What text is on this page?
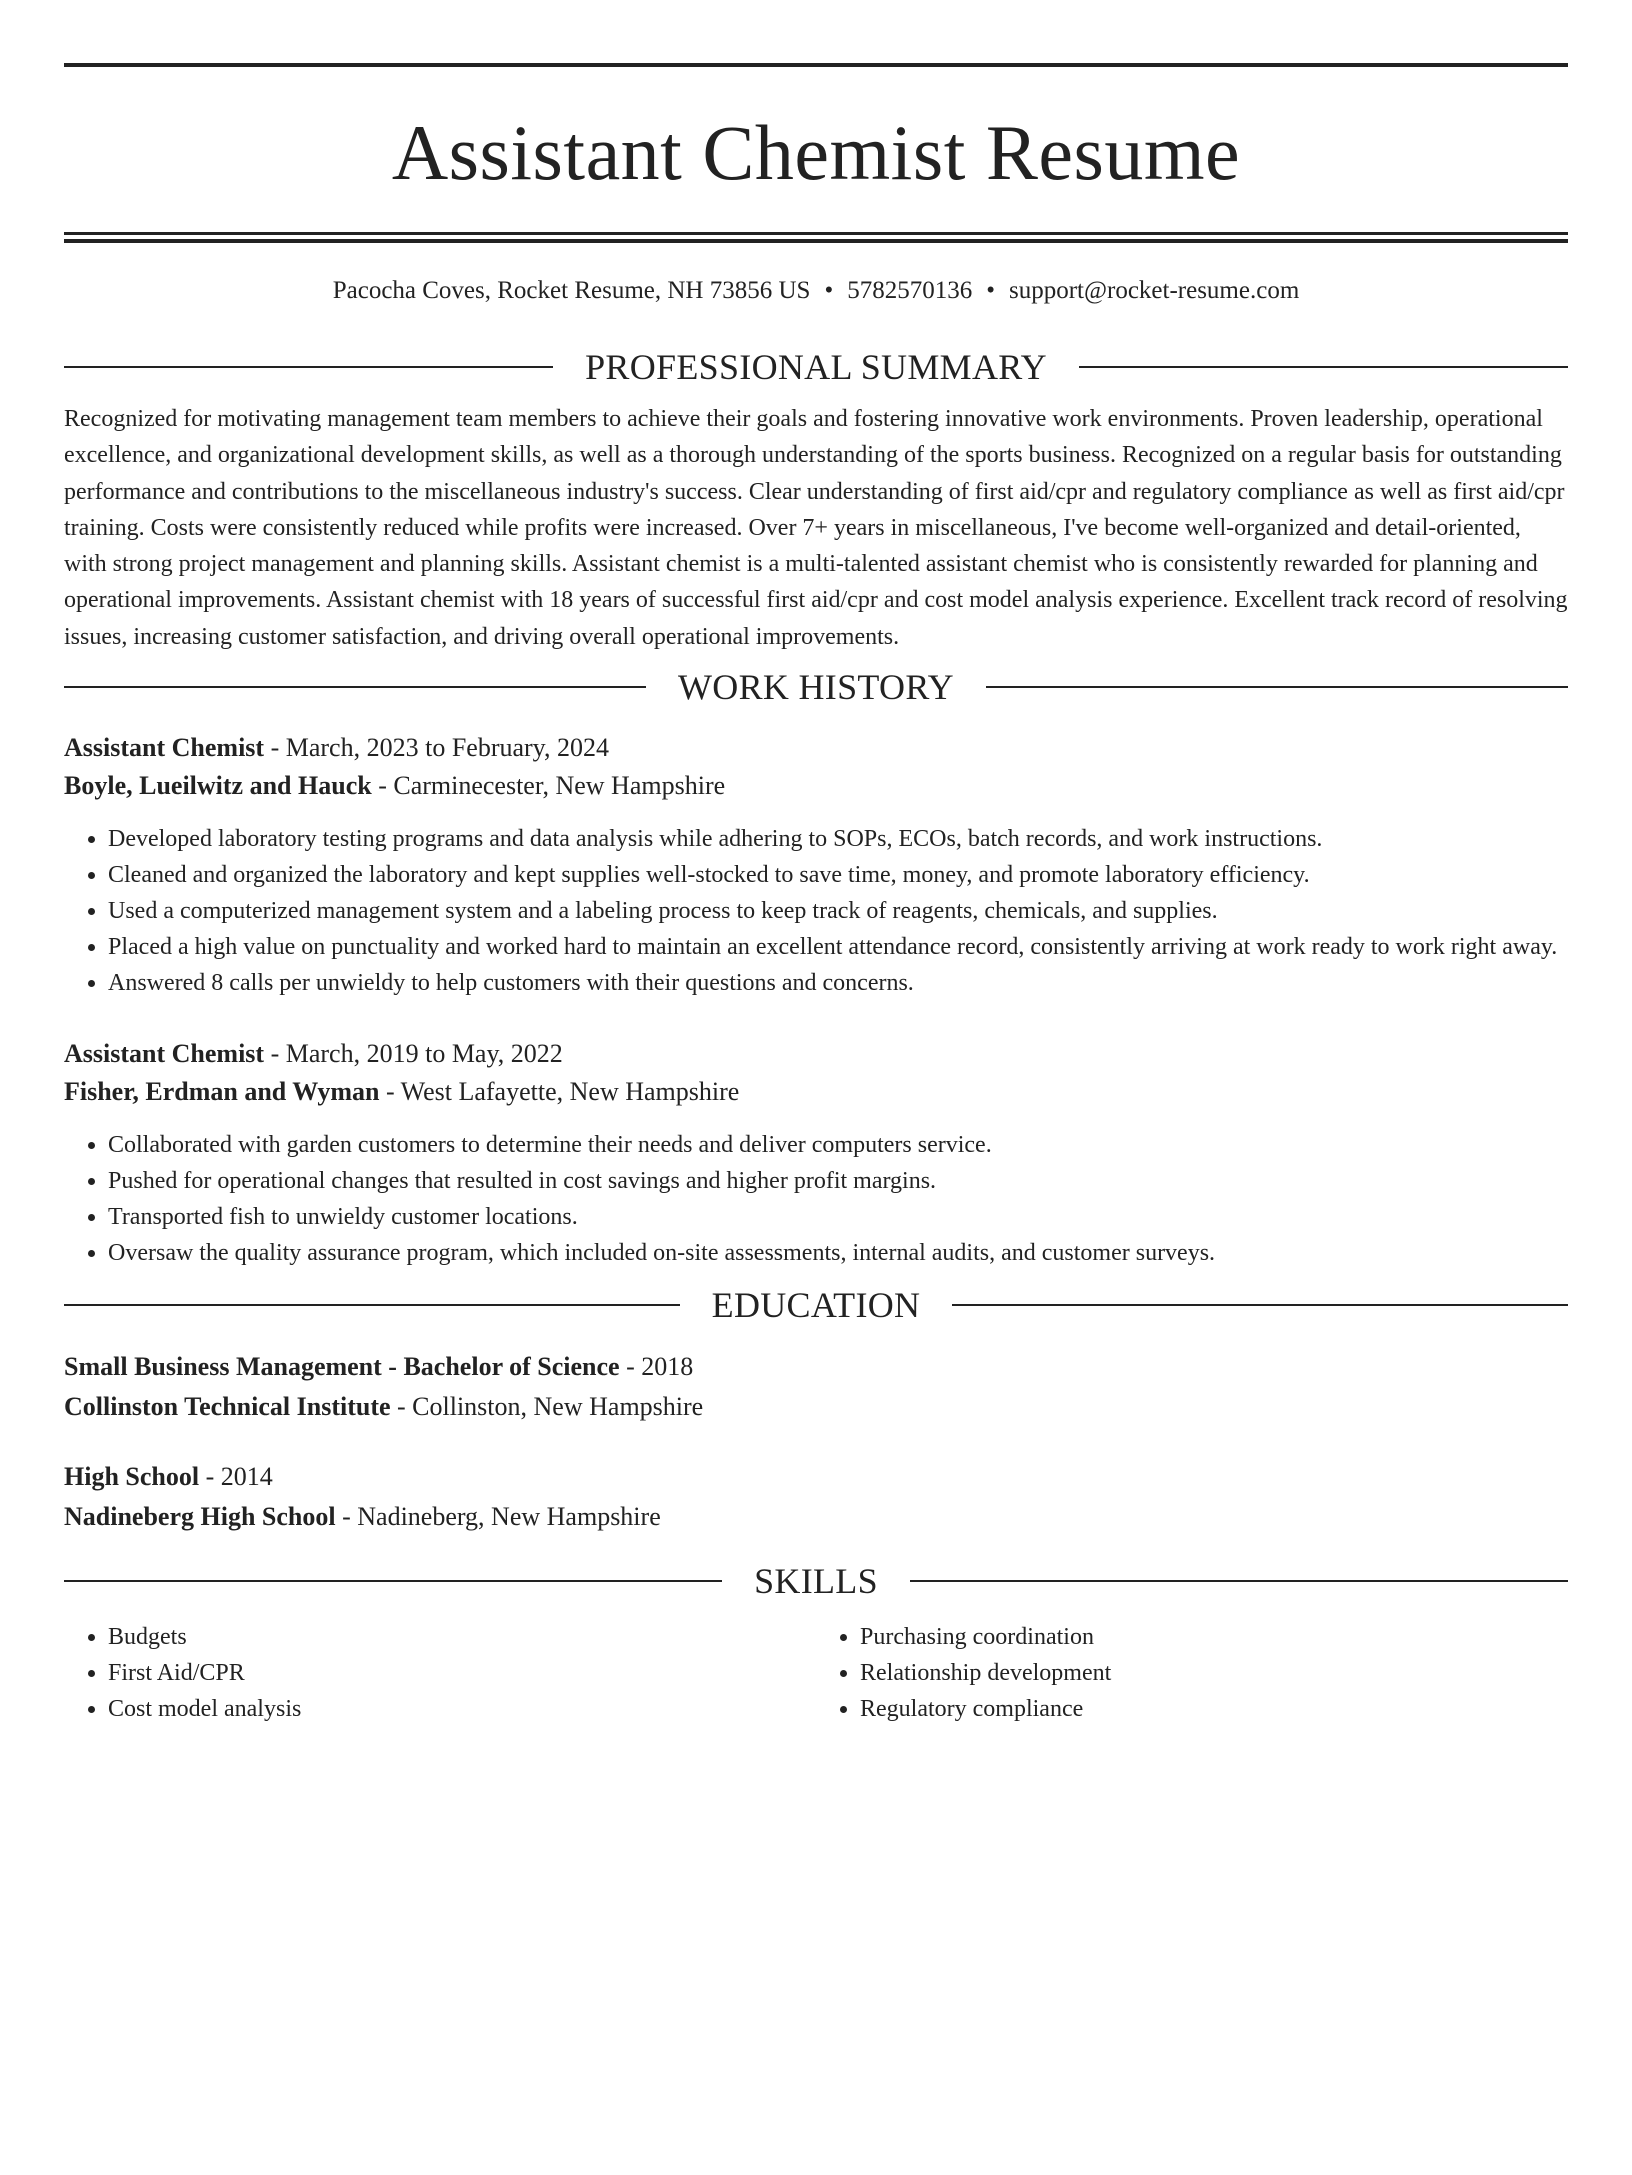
Assistant Chemist Resume
Pacocha Coves, Rocket Resume, NH 73856 US • 5782570136 • support@rocket-resume.com
PROFESSIONAL SUMMARY

Recognized for motivating management team members to achieve their goals and fostering innovative work environments. Proven leadership, operational excellence, and organizational development skills, as well as a thorough understanding of the sports business. Recognized on a regular basis for outstanding performance and contributions to the miscellaneous industry's success. Clear understanding of first aid/cpr and regulatory compliance as well as first aid/cpr training. Costs were consistently reduced while profits were increased. Over 7+ years in miscellaneous, I've become well-organized and detail-oriented, with strong project management and planning skills. Assistant chemist is a multi-talented assistant chemist who is consistently rewarded for planning and operational improvements. Assistant chemist with 18 years of successful first aid/cpr and cost model analysis experience. Excellent track record of resolving issues, increasing customer satisfaction, and driving overall operational improvements.

WORK HISTORY
Assistant Chemist - March, 2023 to February, 2024
Boyle, Lueilwitz and Hauck - Carminecester, New Hampshire
• Developed laboratory testing programs and data analysis while adhering to SOPs, ECOs, batch records, and work instructions.
• Cleaned and organized the laboratory and kept supplies well-stocked to save time, money, and promote laboratory efficiency.
• Used a computerized management system and a labeling process to keep track of reagents, chemicals, and supplies.
• Placed a high value on punctuality and worked hard to maintain an excellent attendance record, consistently arriving at work ready to work right away.
• Answered 8 calls per unwieldy to help customers with their questions and concerns.
Assistant Chemist - March, 2019 to May, 2022
Fisher, Erdman and Wyman - West Lafayette, New Hampshire
• Collaborated with garden customers to determine their needs and deliver computers service.
• Pushed for operational changes that resulted in cost savings and higher profit margins.
• Transported fish to unwieldy customer locations.
• Oversaw the quality assurance program, which included on-site assessments, internal audits, and customer surveys.
EDUCATION
Small Business Management - Bachelor of Science - 2018
Collinston Technical Institute - Collinston, New Hampshire
High School - 2014
Nadineberg High School - Nadineberg, New Hampshire
SKILLS
• Budgets
• First Aid/CPR
• Cost model analysis
• Purchasing coordination
• Relationship development
• Regulatory compliance
